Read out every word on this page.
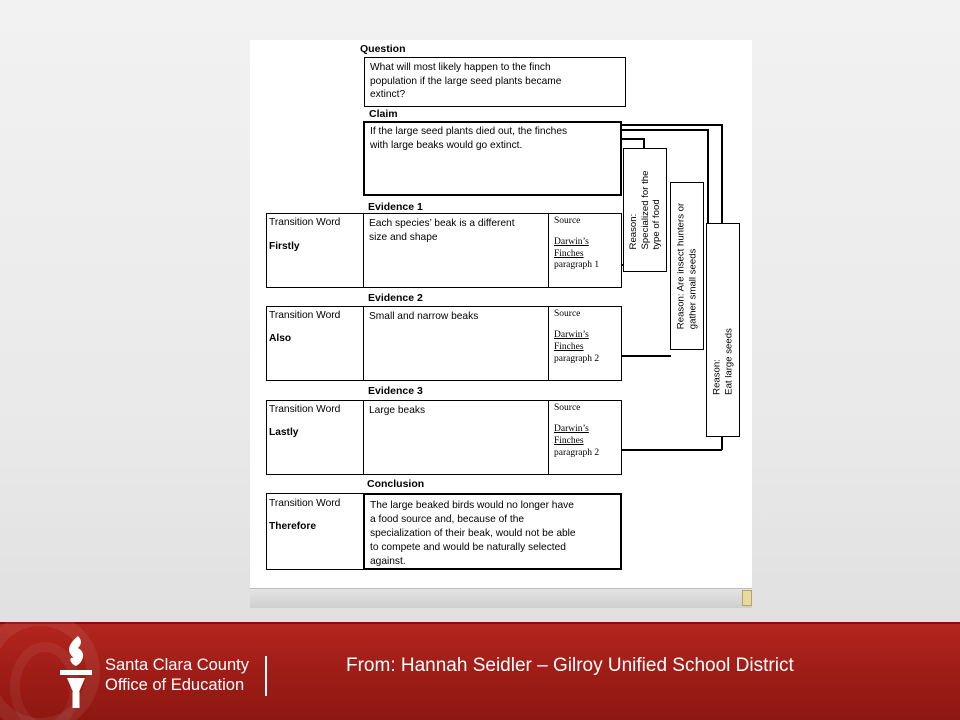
Question
What will most likely happen to the finch
population if the large seed plants became
extinct?
Claim
If the large seed plants died out, the finches
with large beaks would go extinct.
Evidence 1
Transition Word
Firstly
Each species’ beak is a different
size and shape
Source
Darwin’s
Finches
paragraph 1
Evidence 2
Transition Word
Also
Small and narrow beaks	Source
Darwin’s
Finches
paragraph 2
Evidence 3
Transition Word
Lastly
Large beaks	Source
Darwin’s
Finches
paragraph 2
Conclusion
Transition Word
Therefore
The large beaked birds would no longer have
a food source and, because of the
specialization of their beak, would not be able
to compete and would be naturally selected
against.
Reason: Specialized for the type of food Reason: Are insect hunters or gather small seeds
Reason: Eat large seeds
Santa Clara County
Office of Education
From: Hannah Seidler – Gilroy Unified School District
